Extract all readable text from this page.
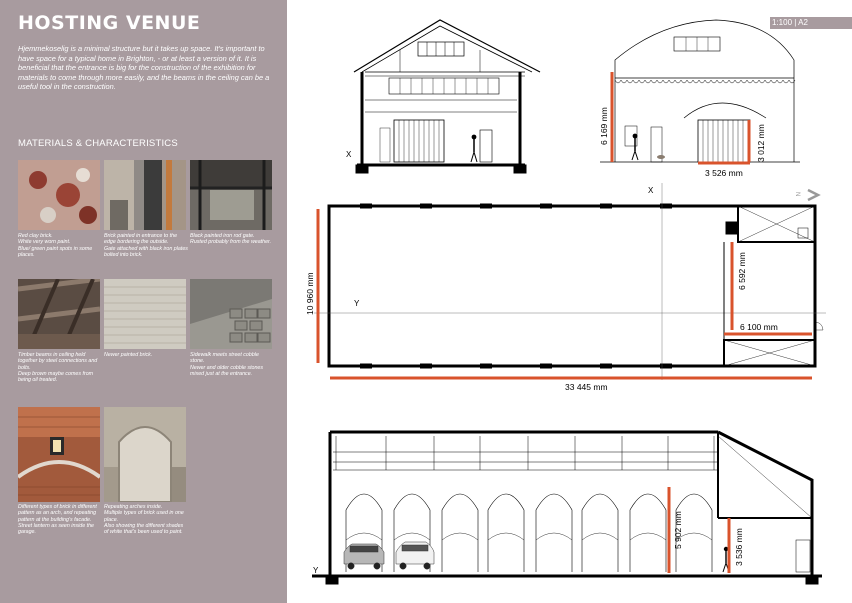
HOSTING VENUE
Hjemmekoselig is a minimal structure but it takes up space. It's important to have space for a typical home in Brighton, - or at least a version of it. It is beneficial that the entrance is big for the construction of the exhibition for materials to come through more easily, and the beams in the ceiling can be a useful tool in the construction.
MATERIALS & CHARACTERISTICS
Red clay brick.
White very worn paint.
Blue/ green paint spots in some places.
Brick painted in entrance to the edge bordering the outside.
Gate attached with black iron plates bolted into brick.
Black painted iron rod gate.
Rusted probably from the weather.
Timber beams in ceiling held together by steel connections and bolts.
Deep brown maybe comes from being oil treated.
Newer painted brick.	Sidewalk meets street cobble stone.
Newer and older cobble stones mixed just at the entrance.
Different types of brick in different pattern as an arch, and repeating pattern at the building's facade.
Street lantern as seen inside the garage.
Repeating arches inside.
Multiple types of brick used in one place.
Also showing the different shades of white that's been used to paint.
1:100 | A2
X
6 169 mm	3 012 mm
3 526 mm
10 960 mm
6 592 mm
6 100 mm
33 445 mm
X
Y
N
5 902 mm	3 536 mm
Y
